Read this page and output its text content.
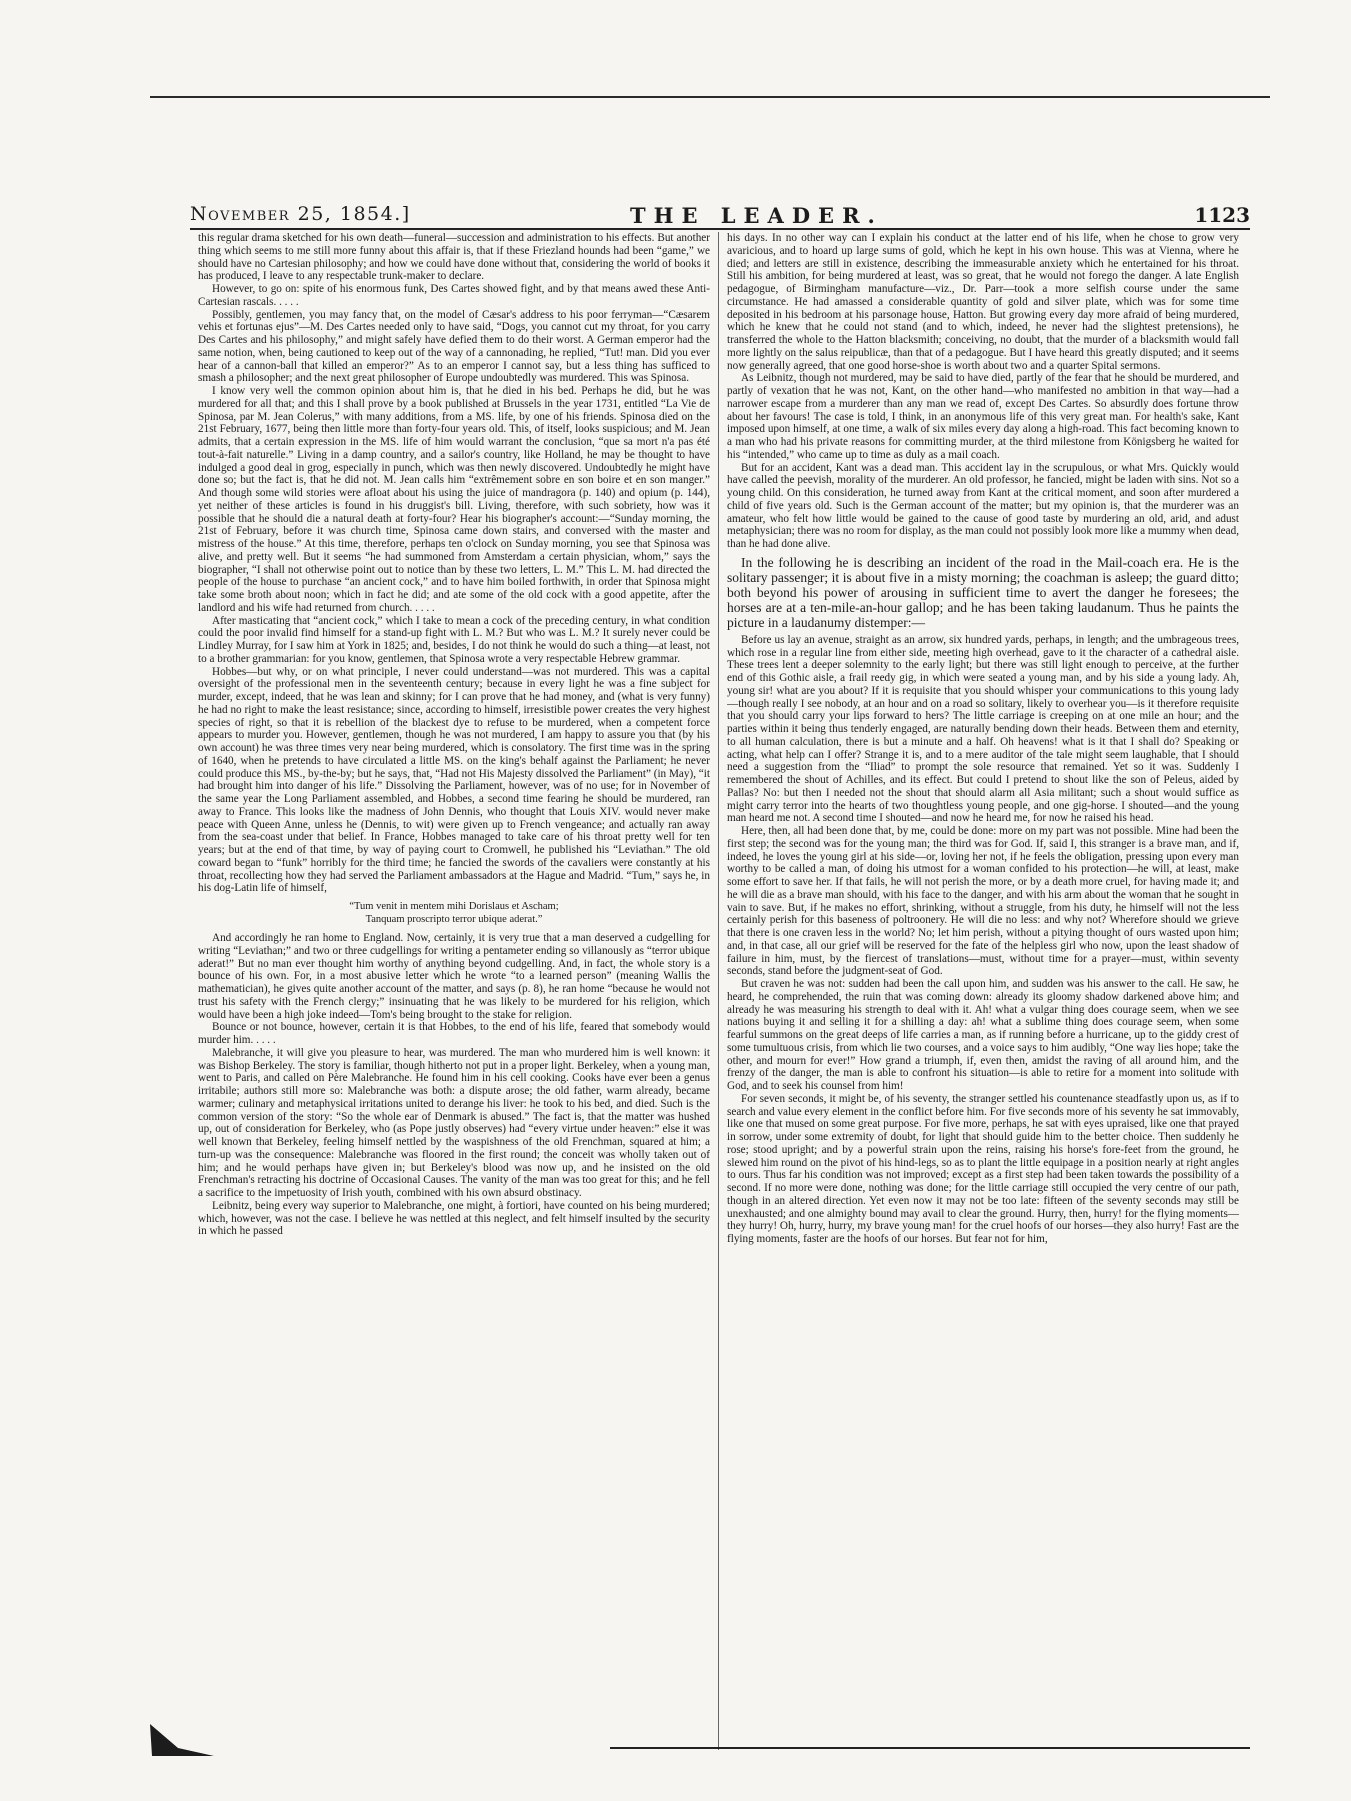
November 25, 1854.]	THE LEADER.	1123

this regular drama sketched for his own death—funeral—succession and administration to his effects. But another thing which seems to me still more funny about this affair is, that if these Friezland hounds had been “game,” we should have no Cartesian philosophy; and how we could have done without that, considering the world of books it has produced, I leave to any respectable trunk-maker to declare.

However, to go on: spite of his enormous funk, Des Cartes showed fight, and by that means awed these Anti-Cartesian rascals. . . . .

Possibly, gentlemen, you may fancy that, on the model of Cæsar's address to his poor ferryman—“Cæsarem vehis et fortunas ejus”—M. Des Cartes needed only to have said, “Dogs, you cannot cut my throat, for you carry Des Cartes and his philosophy,” and might safely have defied them to do their worst. A German emperor had the same notion, when, being cautioned to keep out of the way of a cannonading, he replied, “Tut! man. Did you ever hear of a cannon-ball that killed an emperor?” As to an emperor I cannot say, but a less thing has sufficed to smash a philosopher; and the next great philosopher of Europe undoubtedly was murdered. This was Spinosa.

I know very well the common opinion about him is, that he died in his bed. Perhaps he did, but he was murdered for all that; and this I shall prove by a book published at Brussels in the year 1731, entitled “La Vie de Spinosa, par M. Jean Colerus,” with many additions, from a MS. life, by one of his friends. Spinosa died on the 21st February, 1677, being then little more than forty-four years old. This, of itself, looks suspicious; and M. Jean admits, that a certain expression in the MS. life of him would warrant the conclusion, “que sa mort n'a pas été tout-à-fait naturelle.” Living in a damp country, and a sailor's country, like Holland, he may be thought to have indulged a good deal in grog, especially in punch, which was then newly discovered. Undoubtedly he might have done so; but the fact is, that he did not. M. Jean calls him “extrêmement sobre en son boire et en son manger.” And though some wild stories were afloat about his using the juice of mandragora (p. 140) and opium (p. 144), yet neither of these articles is found in his druggist's bill. Living, therefore, with such sobriety, how was it possible that he should die a natural death at forty-four? Hear his biographer's account:—“Sunday morning, the 21st of February, before it was church time, Spinosa came down stairs, and conversed with the master and mistress of the house.” At this time, therefore, perhaps ten o'clock on Sunday morning, you see that Spinosa was alive, and pretty well. But it seems “he had summoned from Amsterdam a certain physician, whom,” says the biographer, “I shall not otherwise point out to notice than by these two letters, L. M.” This L. M. had directed the people of the house to purchase “an ancient cock,” and to have him boiled forthwith, in order that Spinosa might take some broth about noon; which in fact he did; and ate some of the old cock with a good appetite, after the landlord and his wife had returned from church. . . . .

After masticating that “ancient cock,” which I take to mean a cock of the preceding century, in what condition could the poor invalid find himself for a stand-up fight with L. M.? But who was L. M.? It surely never could be Lindley Murray, for I saw him at York in 1825; and, besides, I do not think he would do such a thing—at least, not to a brother grammarian: for you know, gentlemen, that Spinosa wrote a very respectable Hebrew grammar.

Hobbes—but why, or on what principle, I never could understand—was not murdered. This was a capital oversight of the professional men in the seventeenth century; because in every light he was a fine subject for murder, except, indeed, that he was lean and skinny; for I can prove that he had money, and (what is very funny) he had no right to make the least resistance; since, according to himself, irresistible power creates the very highest species of right, so that it is rebellion of the blackest dye to refuse to be murdered, when a competent force appears to murder you. However, gentlemen, though he was not murdered, I am happy to assure you that (by his own account) he was three times very near being murdered, which is consolatory. The first time was in the spring of 1640, when he pretends to have circulated a little MS. on the king's behalf against the Parliament; he never could produce this MS., by-the-by; but he says, that, “Had not His Majesty dissolved the Parliament” (in May), “it had brought him into danger of his life.” Dissolving the Parliament, however, was of no use; for in November of the same year the Long Parliament assembled, and Hobbes, a second time fearing he should be murdered, ran away to France. This looks like the madness of John Dennis, who thought that Louis XIV. would never make peace with Queen Anne, unless he (Dennis, to wit) were given up to French vengeance; and actually ran away from the sea-coast under that belief. In France, Hobbes managed to take care of his throat pretty well for ten years; but at the end of that time, by way of paying court to Cromwell, he published his “Leviathan.” The old coward began to “funk” horribly for the third time; he fancied the swords of the cavaliers were constantly at his throat, recollecting how they had served the Parliament ambassadors at the Hague and Madrid. “Tum,” says he, in his dog-Latin life of himself,

“Tum venit in mentem mihi Dorislaus et Ascham;
Tanquam proscripto terror ubique aderat.”

And accordingly he ran home to England. Now, certainly, it is very true that a man deserved a cudgelling for writing “Leviathan;” and two or three cudgellings for writing a pentameter ending so villanously as “terror ubique aderat!” But no man ever thought him worthy of anything beyond cudgelling. And, in fact, the whole story is a bounce of his own. For, in a most abusive letter which he wrote “to a learned person” (meaning Wallis the mathematician), he gives quite another account of the matter, and says (p. 8), he ran home “because he would not trust his safety with the French clergy;” insinuating that he was likely to be murdered for his religion, which would have been a high joke indeed—Tom's being brought to the stake for religion.

Bounce or not bounce, however, certain it is that Hobbes, to the end of his life, feared that somebody would murder him. . . . .

Malebranche, it will give you pleasure to hear, was murdered. The man who murdered him is well known: it was Bishop Berkeley. The story is familiar, though hitherto not put in a proper light. Berkeley, when a young man, went to Paris, and called on Père Malebranche. He found him in his cell cooking. Cooks have ever been a genus irritabile; authors still more so: Malebranche was both: a dispute arose; the old father, warm already, became warmer; culinary and metaphysical irritations united to derange his liver: he took to his bed, and died. Such is the common version of the story: “So the whole ear of Denmark is abused.” The fact is, that the matter was hushed up, out of consideration for Berkeley, who (as Pope justly observes) had “every virtue under heaven:” else it was well known that Berkeley, feeling himself nettled by the waspishness of the old Frenchman, squared at him; a turn-up was the consequence: Malebranche was floored in the first round; the conceit was wholly taken out of him; and he would perhaps have given in; but Berkeley's blood was now up, and he insisted on the old Frenchman's retracting his doctrine of Occasional Causes. The vanity of the man was too great for this; and he fell a sacrifice to the impetuosity of Irish youth, combined with his own absurd obstinacy.

Leibnitz, being every way superior to Malebranche, one might, à fortiori, have counted on his being murdered; which, however, was not the case. I believe he was nettled at this neglect, and felt himself insulted by the security in which he passed

his days. In no other way can I explain his conduct at the latter end of his life, when he chose to grow very avaricious, and to hoard up large sums of gold, which he kept in his own house. This was at Vienna, where he died; and letters are still in existence, describing the immeasurable anxiety which he entertained for his throat. Still his ambition, for being murdered at least, was so great, that he would not forego the danger. A late English pedagogue, of Birmingham manufacture—viz., Dr. Parr—took a more selfish course under the same circumstance. He had amassed a considerable quantity of gold and silver plate, which was for some time deposited in his bedroom at his parsonage house, Hatton. But growing every day more afraid of being murdered, which he knew that he could not stand (and to which, indeed, he never had the slightest pretensions), he transferred the whole to the Hatton blacksmith; conceiving, no doubt, that the murder of a blacksmith would fall more lightly on the salus reipublicæ, than that of a pedagogue. But I have heard this greatly disputed; and it seems now generally agreed, that one good horse-shoe is worth about two and a quarter Spital sermons.

As Leibnitz, though not murdered, may be said to have died, partly of the fear that he should be murdered, and partly of vexation that he was not, Kant, on the other hand—who manifested no ambition in that way—had a narrower escape from a murderer than any man we read of, except Des Cartes. So absurdly does fortune throw about her favours! The case is told, I think, in an anonymous life of this very great man. For health's sake, Kant imposed upon himself, at one time, a walk of six miles every day along a high-road. This fact becoming known to a man who had his private reasons for committing murder, at the third milestone from Königsberg he waited for his “intended,” who came up to time as duly as a mail coach.

But for an accident, Kant was a dead man. This accident lay in the scrupulous, or what Mrs. Quickly would have called the peevish, morality of the murderer. An old professor, he fancied, might be laden with sins. Not so a young child. On this consideration, he turned away from Kant at the critical moment, and soon after murdered a child of five years old. Such is the German account of the matter; but my opinion is, that the murderer was an amateur, who felt how little would be gained to the cause of good taste by murdering an old, arid, and adust metaphysician; there was no room for display, as the man could not possibly look more like a mummy when dead, than he had done alive.

In the following he is describing an incident of the road in the Mail-coach era. He is the solitary passenger; it is about five in a misty morning; the coachman is asleep; the guard ditto; both beyond his power of arousing in sufficient time to avert the danger he foresees; the horses are at a ten-mile-an-hour gallop; and he has been taking laudanum. Thus he paints the picture in a laudanumy distemper:—

Before us lay an avenue, straight as an arrow, six hundred yards, perhaps, in length; and the umbrageous trees, which rose in a regular line from either side, meeting high overhead, gave to it the character of a cathedral aisle. These trees lent a deeper solemnity to the early light; but there was still light enough to perceive, at the further end of this Gothic aisle, a frail reedy gig, in which were seated a young man, and by his side a young lady. Ah, young sir! what are you about? If it is requisite that you should whisper your communications to this young lady—though really I see nobody, at an hour and on a road so solitary, likely to overhear you—is it therefore requisite that you should carry your lips forward to hers? The little carriage is creeping on at one mile an hour; and the parties within it being thus tenderly engaged, are naturally bending down their heads. Between them and eternity, to all human calculation, there is but a minute and a half. Oh heavens! what is it that I shall do? Speaking or acting, what help can I offer? Strange it is, and to a mere auditor of the tale might seem laughable, that I should need a suggestion from the “Iliad” to prompt the sole resource that remained. Yet so it was. Suddenly I remembered the shout of Achilles, and its effect. But could I pretend to shout like the son of Peleus, aided by Pallas? No: but then I needed not the shout that should alarm all Asia militant; such a shout would suffice as might carry terror into the hearts of two thoughtless young people, and one gig-horse. I shouted—and the young man heard me not. A second time I shouted—and now he heard me, for now he raised his head.

Here, then, all had been done that, by me, could be done: more on my part was not possible. Mine had been the first step; the second was for the young man; the third was for God. If, said I, this stranger is a brave man, and if, indeed, he loves the young girl at his side—or, loving her not, if he feels the obligation, pressing upon every man worthy to be called a man, of doing his utmost for a woman confided to his protection—he will, at least, make some effort to save her. If that fails, he will not perish the more, or by a death more cruel, for having made it; and he will die as a brave man should, with his face to the danger, and with his arm about the woman that he sought in vain to save. But, if he makes no effort, shrinking, without a struggle, from his duty, he himself will not the less certainly perish for this baseness of poltroonery. He will die no less: and why not? Wherefore should we grieve that there is one craven less in the world? No; let him perish, without a pitying thought of ours wasted upon him; and, in that case, all our grief will be reserved for the fate of the helpless girl who now, upon the least shadow of failure in him, must, by the fiercest of translations—must, without time for a prayer—must, within seventy seconds, stand before the judgment-seat of God.

But craven he was not: sudden had been the call upon him, and sudden was his answer to the call. He saw, he heard, he comprehended, the ruin that was coming down: already its gloomy shadow darkened above him; and already he was measuring his strength to deal with it. Ah! what a vulgar thing does courage seem, when we see nations buying it and selling it for a shilling a day: ah! what a sublime thing does courage seem, when some fearful summons on the great deeps of life carries a man, as if running before a hurricane, up to the giddy crest of some tumultuous crisis, from which lie two courses, and a voice says to him audibly, “One way lies hope; take the other, and mourn for ever!” How grand a triumph, if, even then, amidst the raving of all around him, and the frenzy of the danger, the man is able to confront his situation—is able to retire for a moment into solitude with God, and to seek his counsel from him!

For seven seconds, it might be, of his seventy, the stranger settled his countenance steadfastly upon us, as if to search and value every element in the conflict before him. For five seconds more of his seventy he sat immovably, like one that mused on some great purpose. For five more, perhaps, he sat with eyes upraised, like one that prayed in sorrow, under some extremity of doubt, for light that should guide him to the better choice. Then suddenly he rose; stood upright; and by a powerful strain upon the reins, raising his horse's fore-feet from the ground, he slewed him round on the pivot of his hind-legs, so as to plant the little equipage in a position nearly at right angles to ours. Thus far his condition was not improved; except as a first step had been taken towards the possibility of a second. If no more were done, nothing was done; for the little carriage still occupied the very centre of our path, though in an altered direction. Yet even now it may not be too late: fifteen of the seventy seconds may still be unexhausted; and one almighty bound may avail to clear the ground. Hurry, then, hurry! for the flying moments—they hurry! Oh, hurry, hurry, my brave young man! for the cruel hoofs of our horses—they also hurry! Fast are the flying moments, faster are the hoofs of our horses. But fear not for him,
